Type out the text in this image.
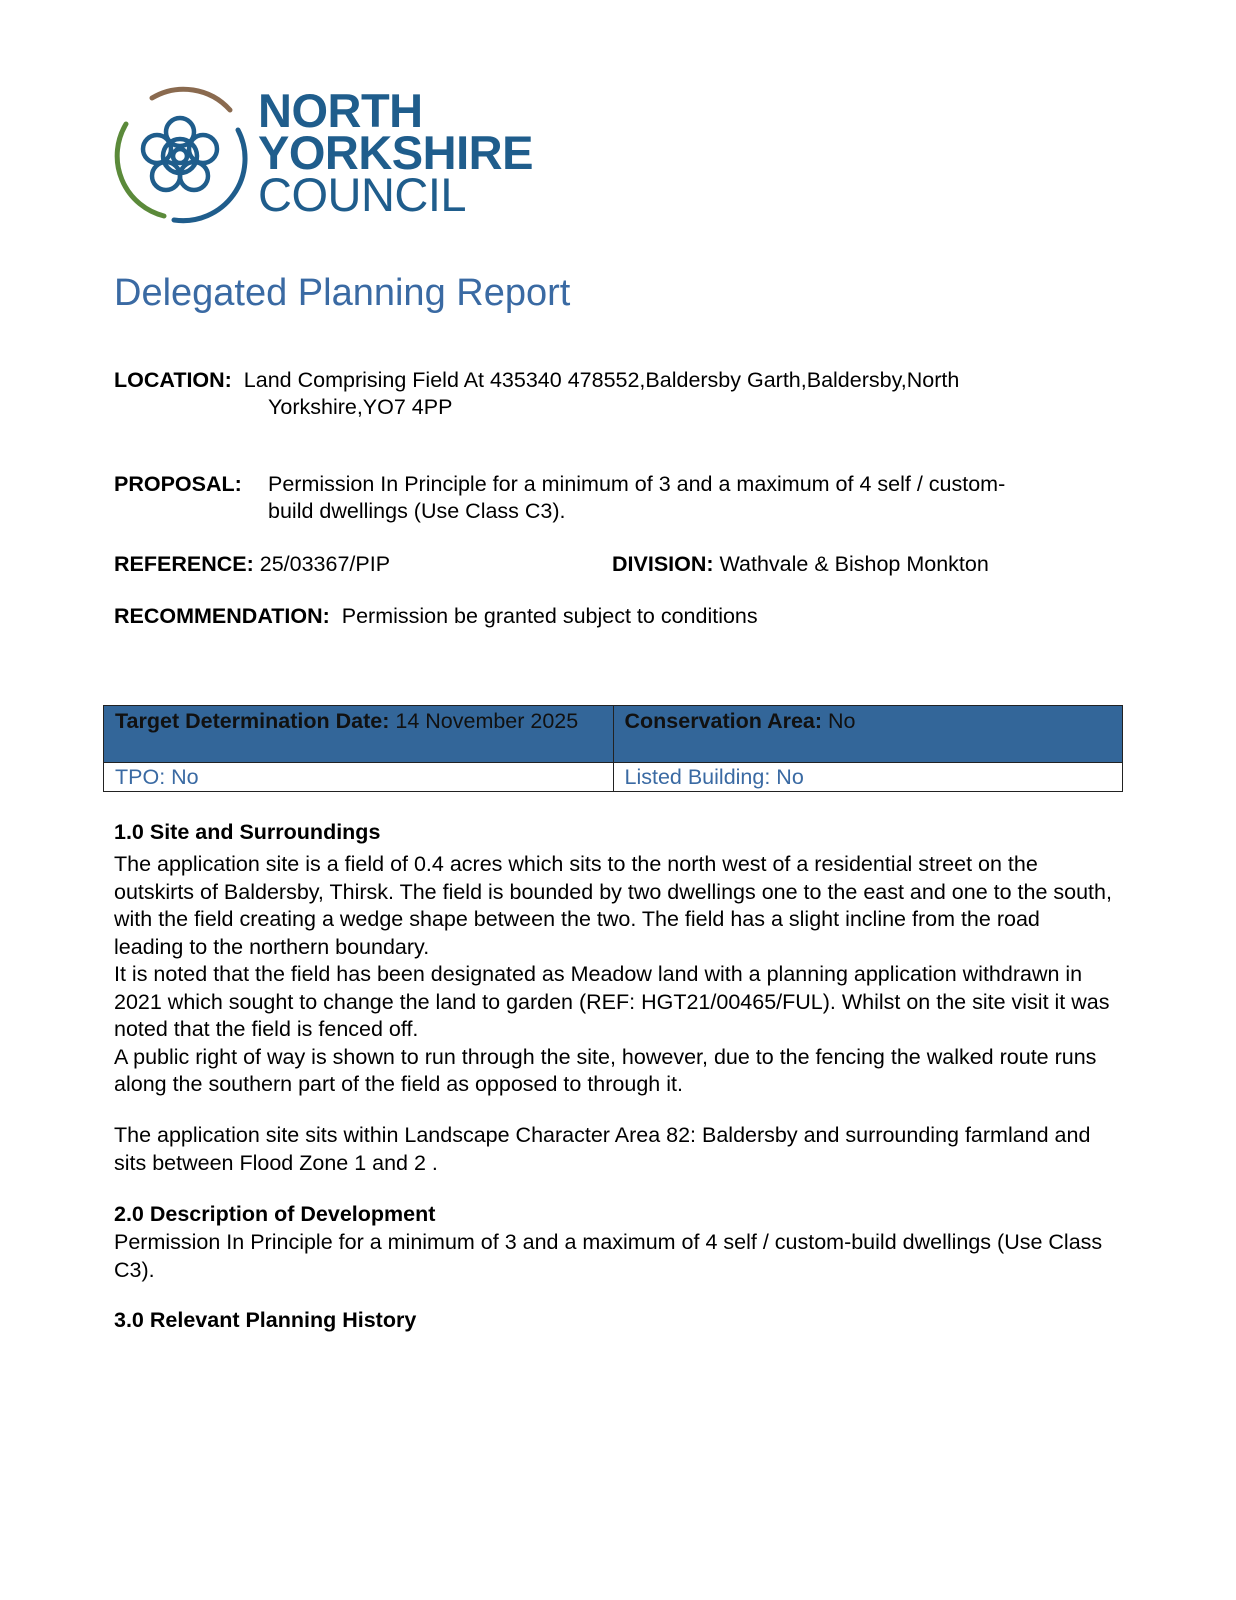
NORTH
YORKSHIRE
COUNCIL
Delegated Planning Report
LOCATION: Land Comprising Field At 435340 478552,Baldersby Garth,Baldersby,North
Yorkshire,YO7 4PP
PROPOSAL: Permission In Principle for a minimum of 3 and a maximum of 4 self / custom-
build dwellings (Use Class C3).
REFERENCE: 25/03367/PIP	DIVISION: Wathvale & Bishop Monkton
RECOMMENDATION: Permission be granted subject to conditions
Target Determination Date: 14 November 2025	Conservation Area: No
TPO: No	Listed Building: No
1.0 Site and Surroundings

The application site is a field of 0.4 acres which sits to the north west of a residential street on the outskirts of Baldersby, Thirsk. The field is bounded by two dwellings one to the east and one to the south, with the field creating a wedge shape between the two. The field has a slight incline from the road leading to the northern boundary.

It is noted that the field has been designated as Meadow land with a planning application withdrawn in 2021 which sought to change the land to garden (REF: HGT21/00465/FUL). Whilst on the site visit it was noted that the field is fenced off.

A public right of way is shown to run through the site, however, due to the fencing the walked route runs along the southern part of the field as opposed to through it.

The application site sits within Landscape Character Area 82: Baldersby and surrounding farmland and sits between Flood Zone 1 and 2 .

2.0 Description of Development

Permission In Principle for a minimum of 3 and a maximum of 4 self / custom-build dwellings (Use Class C3).

3.0 Relevant Planning History
